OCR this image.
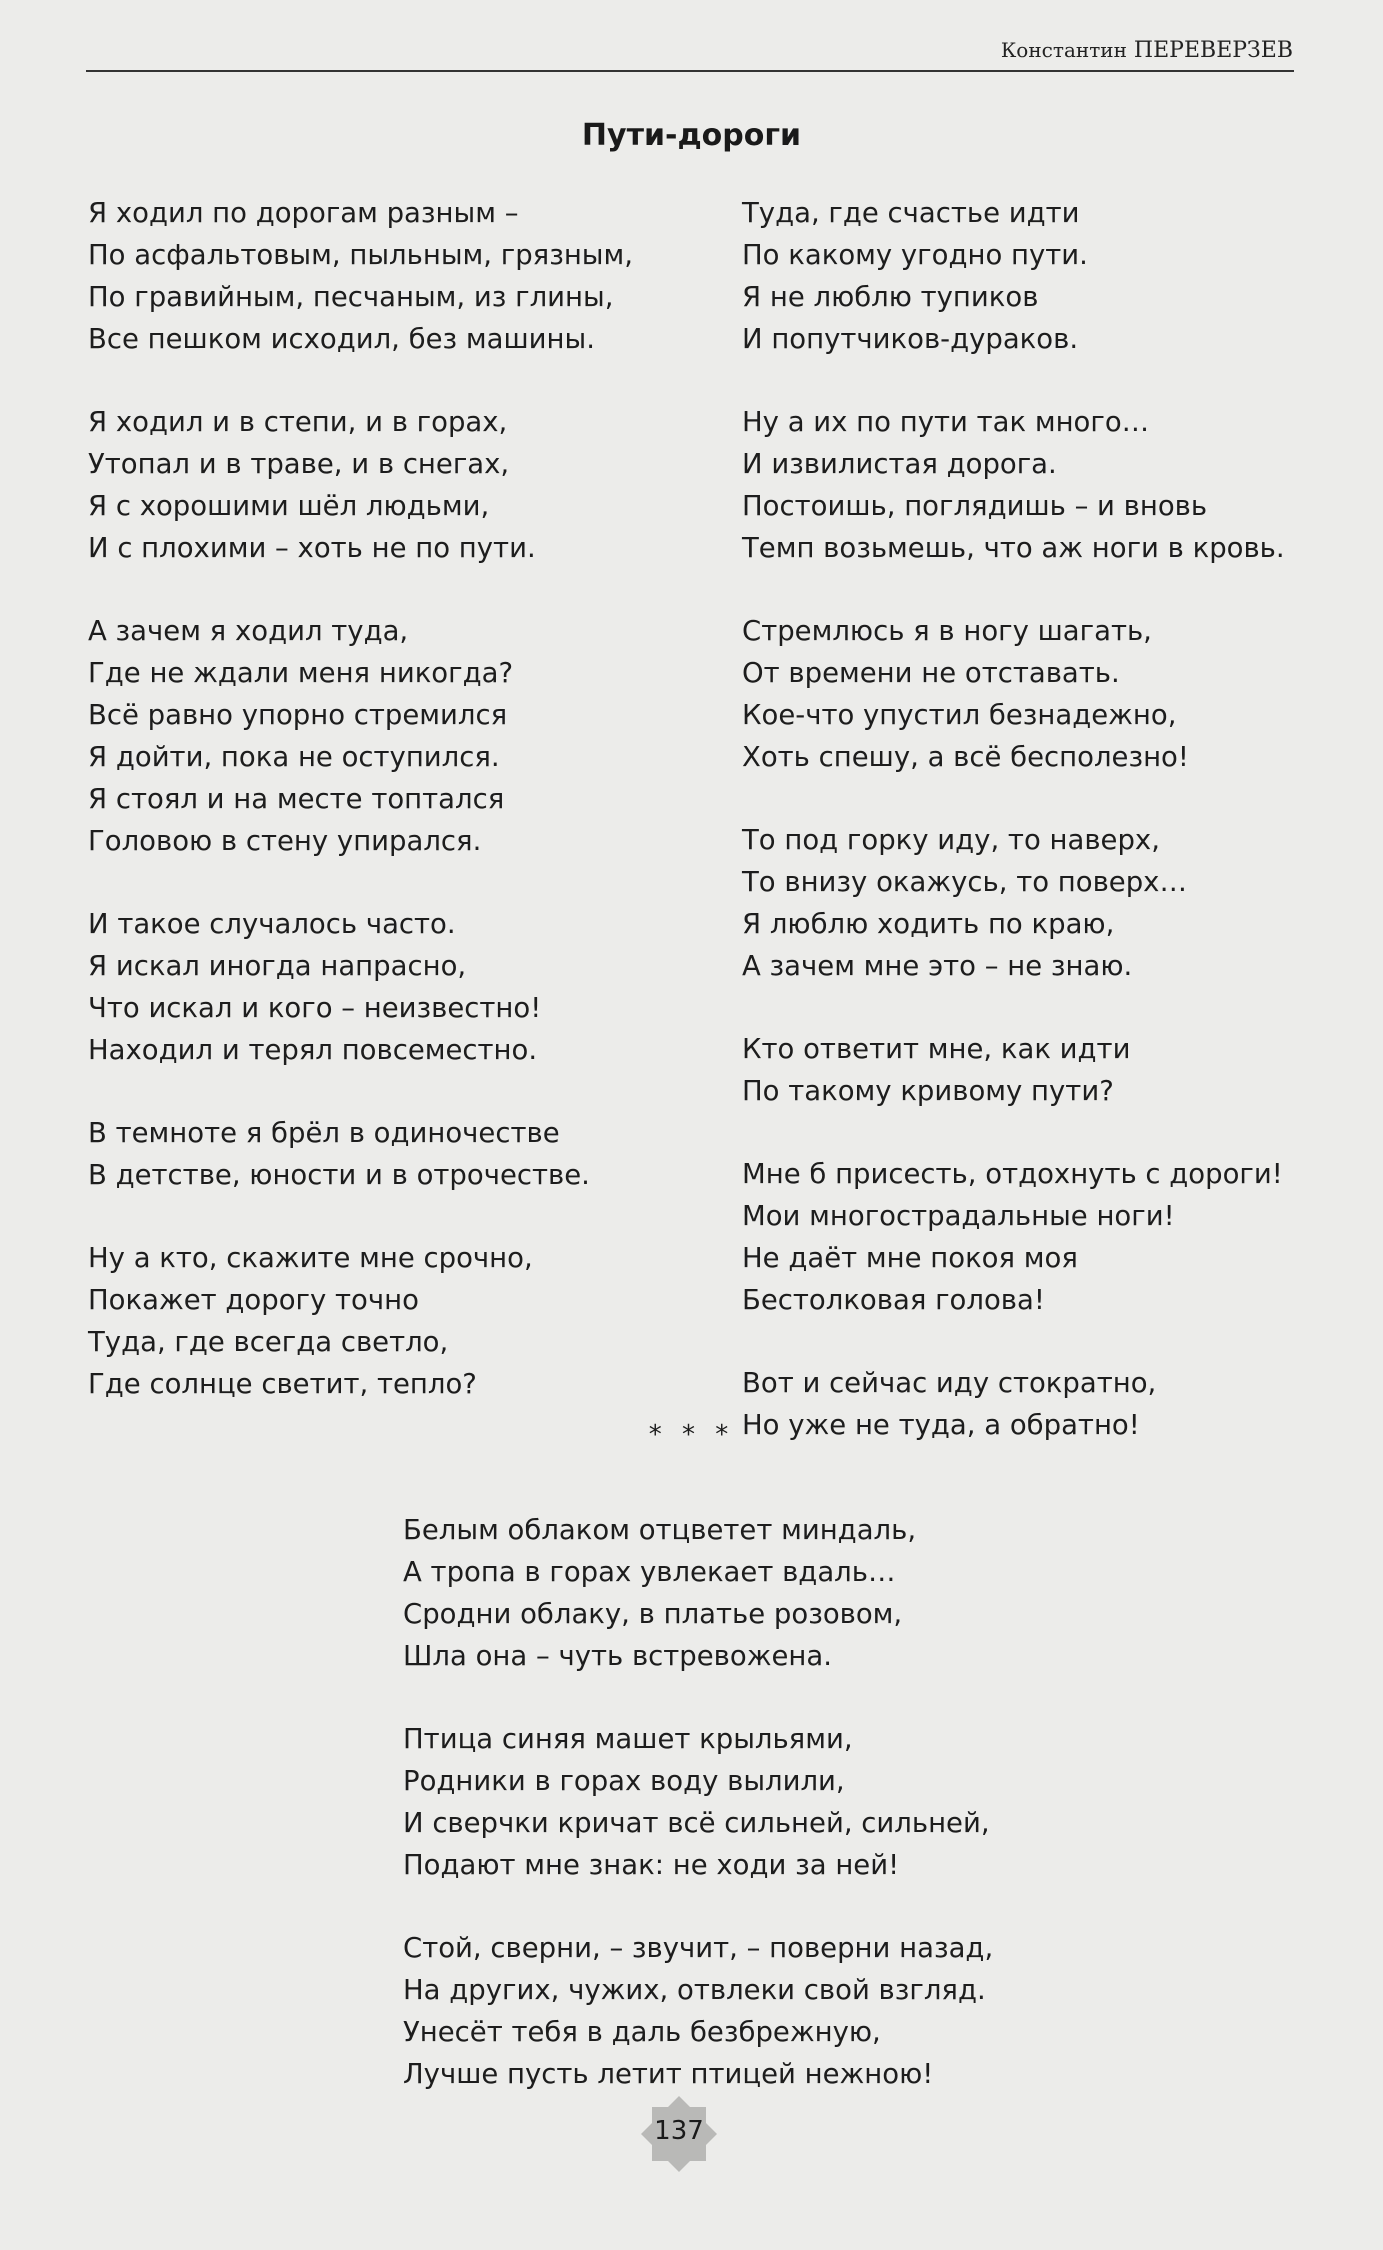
Константин ПЕРЕВЕРЗЕВ
Пути-дороги
Я ходил по дорогам разным –
По асфальтовым, пыльным, грязным,
По гравийным, песчаным, из глины,
Все пешком исходил, без машины.
Я ходил и в степи, и в горах,
Утопал и в траве, и в снегах,
Я с хорошими шёл людьми,
И с плохими – хоть не по пути.
А зачем я ходил туда,
Где не ждали меня никогда?
Всё равно упорно стремился
Я дойти, пока не оступился.
Я стоял и на месте топтался
Головою в стену упирался.
И такое случалось часто.
Я искал иногда напрасно,
Что искал и кого – неизвестно!
Находил и терял повсеместно.
В темноте я брёл в одиночестве
В детстве, юности и в отрочестве.
Ну а кто, скажите мне срочно,
Покажет дорогу точно
Туда, где всегда светло,
Где солнце светит, тепло?
Туда, где счастье идти
По какому угодно пути.
Я не люблю тупиков
И попутчиков-дураков.
Ну а их по пути так много…
И извилистая дорога.
Постоишь, поглядишь – и вновь
Темп возьмешь, что аж ноги в кровь.
Стремлюсь я в ногу шагать,
От времени не отставать.
Кое-что упустил безнадежно,
Хоть спешу, а всё бесполезно!
То под горку иду, то наверх,
То внизу окажусь, то поверх…
Я люблю ходить по краю,
А зачем мне это – не знаю.
Кто ответит мне, как идти
По такому кривому пути?
Мне б присесть, отдохнуть с дороги!
Мои многострадальные ноги!
Не даёт мне покоя моя
Бестолковая голова!
Вот и сейчас иду стократно,
Но уже не туда, а обратно!
* * *
Белым облаком отцветет миндаль,
А тропа в горах увлекает вдаль…
Сродни облаку, в платье розовом,
Шла она – чуть встревожена.
Птица синяя машет крыльями,
Родники в горах воду вылили,
И сверчки кричат всё сильней, сильней,
Подают мне знак: не ходи за ней!
Стой, сверни, – звучит, – поверни назад,
На других, чужих, отвлеки свой взгляд.
Унесёт тебя в даль безбрежную,
Лучше пусть летит птицей нежною!
137
